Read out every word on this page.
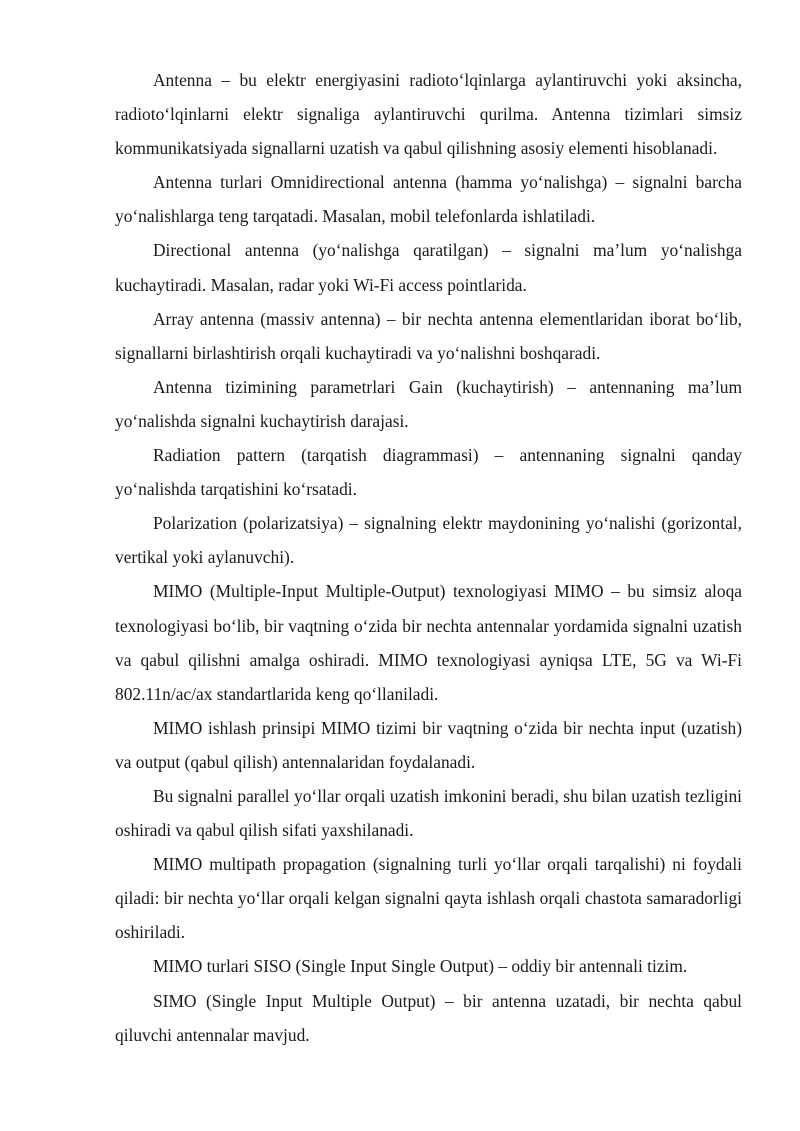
Antenna – bu elektr energiyasini radioto‘lqinlarga aylantiruvchi yoki aksincha, radioto‘lqinlarni elektr signaliga aylantiruvchi qurilma. Antenna tizimlari simsiz kommunikatsiyada signallarni uzatish va qabul qilishning asosiy elementi hisoblanadi.

Antenna turlari Omnidirectional antenna (hamma yo‘nalishga) – signalni barcha yo‘nalishlarga teng tarqatadi. Masalan, mobil telefonlarda ishlatiladi.

Directional antenna (yo‘nalishga qaratilgan) – signalni ma’lum yo‘nalishga kuchaytiradi. Masalan, radar yoki Wi-Fi access pointlarida.

Array antenna (massiv antenna) – bir nechta antenna elementlaridan iborat bo‘lib, signallarni birlashtirish orqali kuchaytiradi va yo‘nalishni boshqaradi.

Antenna tizimining parametrlari Gain (kuchaytirish) – antennaning ma’lum yo‘nalishda signalni kuchaytirish darajasi.

Radiation pattern (tarqatish diagrammasi) – antennaning signalni qanday yo‘nalishda tarqatishini ko‘rsatadi.

Polarization (polarizatsiya) – signalning elektr maydonining yo‘nalishi (gorizontal, vertikal yoki aylanuvchi).

MIMO (Multiple-Input Multiple-Output) texnologiyasi MIMO – bu simsiz aloqa texnologiyasi bo‘lib, bir vaqtning o‘zida bir nechta antennalar yordamida signalni uzatish va qabul qilishni amalga oshiradi. MIMO texnologiyasi ayniqsa LTE, 5G va Wi-Fi 802.11n/ac/ax standartlarida keng qo‘llaniladi.

MIMO ishlash prinsipi MIMO tizimi bir vaqtning o‘zida bir nechta input (uzatish) va output (qabul qilish) antennalaridan foydalanadi.

Bu signalni parallel yo‘llar orqali uzatish imkonini beradi, shu bilan uzatish tezligini oshiradi va qabul qilish sifati yaxshilanadi.

MIMO multipath propagation (signalning turli yo‘llar orqali tarqalishi) ni foydali qiladi: bir nechta yo‘llar orqali kelgan signalni qayta ishlash orqali chastota samaradorligi oshiriladi.

MIMO turlari SISO (Single Input Single Output) – oddiy bir antennali tizim.

SIMO (Single Input Multiple Output) – bir antenna uzatadi, bir nechta qabul qiluvchi antennalar mavjud.
